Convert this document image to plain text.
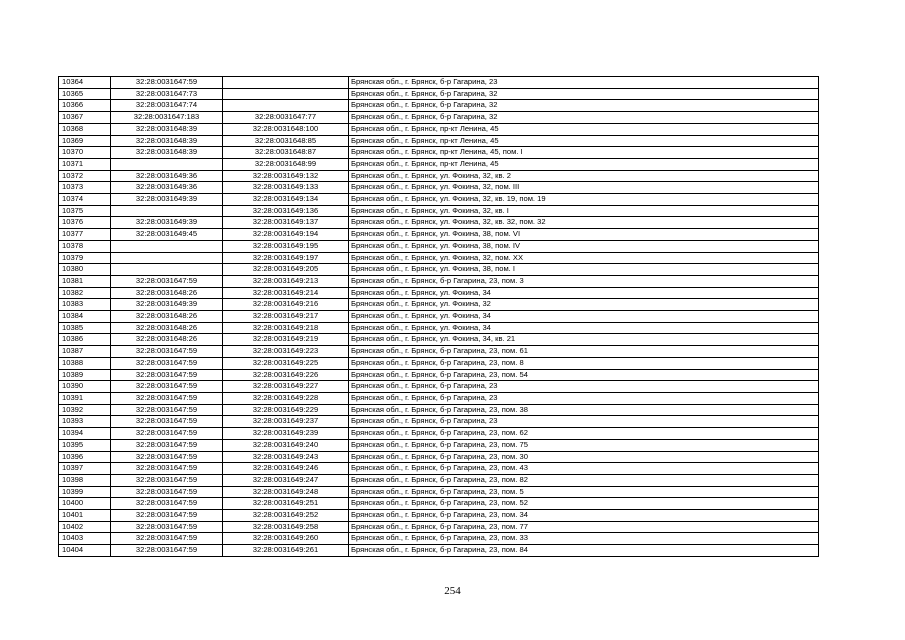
10364	32:28:0031647:59		Брянская обл., г. Брянск, б-р Гагарина, 23
10365	32:28:0031647:73		Брянская обл., г. Брянск, б-р Гагарина, 32
10366	32:28:0031647:74		Брянская обл., г. Брянск, б-р Гагарина, 32
10367	32:28:0031647:183	32:28:0031647:77	Брянская обл., г. Брянск, б-р Гагарина, 32
10368	32:28:0031648:39	32:28:0031648:100	Брянская обл., г. Брянск, пр-кт Ленина, 45
10369	32:28:0031648:39	32:28:0031648:85	Брянская обл., г. Брянск, пр-кт Ленина, 45
10370	32:28:0031648:39	32:28:0031648:87	Брянская обл., г. Брянск, пр-кт Ленина, 45, пом. I
10371		32:28:0031648:99	Брянская обл., г. Брянск, пр-кт Ленина, 45
10372	32:28:0031649:36	32:28:0031649:132	Брянская обл., г. Брянск, ул. Фокина, 32, кв. 2
10373	32:28:0031649:36	32:28:0031649:133	Брянская обл., г. Брянск, ул. Фокина, 32, пом. III
10374	32:28:0031649:39	32:28:0031649:134	Брянская обл., г. Брянск, ул. Фокина, 32, кв. 19, пом. 19
10375		32:28:0031649:136	Брянская обл., г. Брянск, ул. Фокина, 32, кв. I
10376	32:28:0031649:39	32:28:0031649:137	Брянская обл., г. Брянск, ул. Фокина, 32, кв. 32, пом. 32
10377	32:28:0031649:45	32:28:0031649:194	Брянская обл., г. Брянск, ул. Фокина, 38, пом. VI
10378		32:28:0031649:195	Брянская обл., г. Брянск, ул. Фокина, 38, пом. IV
10379		32:28:0031649:197	Брянская обл., г. Брянск, ул. Фокина, 32, пом. XX
10380		32:28:0031649:205	Брянская обл., г. Брянск, ул. Фокина, 38, пом. I
10381	32:28:0031647:59	32:28:0031649:213	Брянская обл., г. Брянск, б-р Гагарина, 23, пом. 3
10382	32:28:0031648:26	32:28:0031649:214	Брянская обл., г. Брянск, ул. Фокина, 34
10383	32:28:0031649:39	32:28:0031649:216	Брянская обл., г. Брянск, ул. Фокина, 32
10384	32:28:0031648:26	32:28:0031649:217	Брянская обл., г. Брянск, ул. Фокина, 34
10385	32:28:0031648:26	32:28:0031649:218	Брянская обл., г. Брянск, ул. Фокина, 34
10386	32:28:0031648:26	32:28:0031649:219	Брянская обл., г. Брянск, ул. Фокина, 34, кв. 21
10387	32:28:0031647:59	32:28:0031649:223	Брянская обл., г. Брянск, б-р Гагарина, 23, пом. 61
10388	32:28:0031647:59	32:28:0031649:225	Брянская обл., г. Брянск, б-р Гагарина, 23, пом. 8
10389	32:28:0031647:59	32:28:0031649:226	Брянская обл., г. Брянск, б-р Гагарина, 23, пом. 54
10390	32:28:0031647:59	32:28:0031649:227	Брянская обл., г. Брянск, б-р Гагарина, 23
10391	32:28:0031647:59	32:28:0031649:228	Брянская обл., г. Брянск, б-р Гагарина, 23
10392	32:28:0031647:59	32:28:0031649:229	Брянская обл., г. Брянск, б-р Гагарина, 23, пом. 38
10393	32:28:0031647:59	32:28:0031649:237	Брянская обл., г. Брянск, б-р Гагарина, 23
10394	32:28:0031647:59	32:28:0031649:239	Брянская обл., г. Брянск, б-р Гагарина, 23, пом. 62
10395	32:28:0031647:59	32:28:0031649:240	Брянская обл., г. Брянск, б-р Гагарина, 23, пом. 75
10396	32:28:0031647:59	32:28:0031649:243	Брянская обл., г. Брянск, б-р Гагарина, 23, пом. 30
10397	32:28:0031647:59	32:28:0031649:246	Брянская обл., г. Брянск, б-р Гагарина, 23, пом. 43
10398	32:28:0031647:59	32:28:0031649:247	Брянская обл., г. Брянск, б-р Гагарина, 23, пом. 82
10399	32:28:0031647:59	32:28:0031649:248	Брянская обл., г. Брянск, б-р Гагарина, 23, пом. 5
10400	32:28:0031647:59	32:28:0031649:251	Брянская обл., г. Брянск, б-р Гагарина, 23, пом. 52
10401	32:28:0031647:59	32:28:0031649:252	Брянская обл., г. Брянск, б-р Гагарина, 23, пом. 34
10402	32:28:0031647:59	32:28:0031649:258	Брянская обл., г. Брянск, б-р Гагарина, 23, пом. 77
10403	32:28:0031647:59	32:28:0031649:260	Брянская обл., г. Брянск, б-р Гагарина, 23, пом. 33
10404	32:28:0031647:59	32:28:0031649:261	Брянская обл., г. Брянск, б-р Гагарина, 23, пом. 84
254
